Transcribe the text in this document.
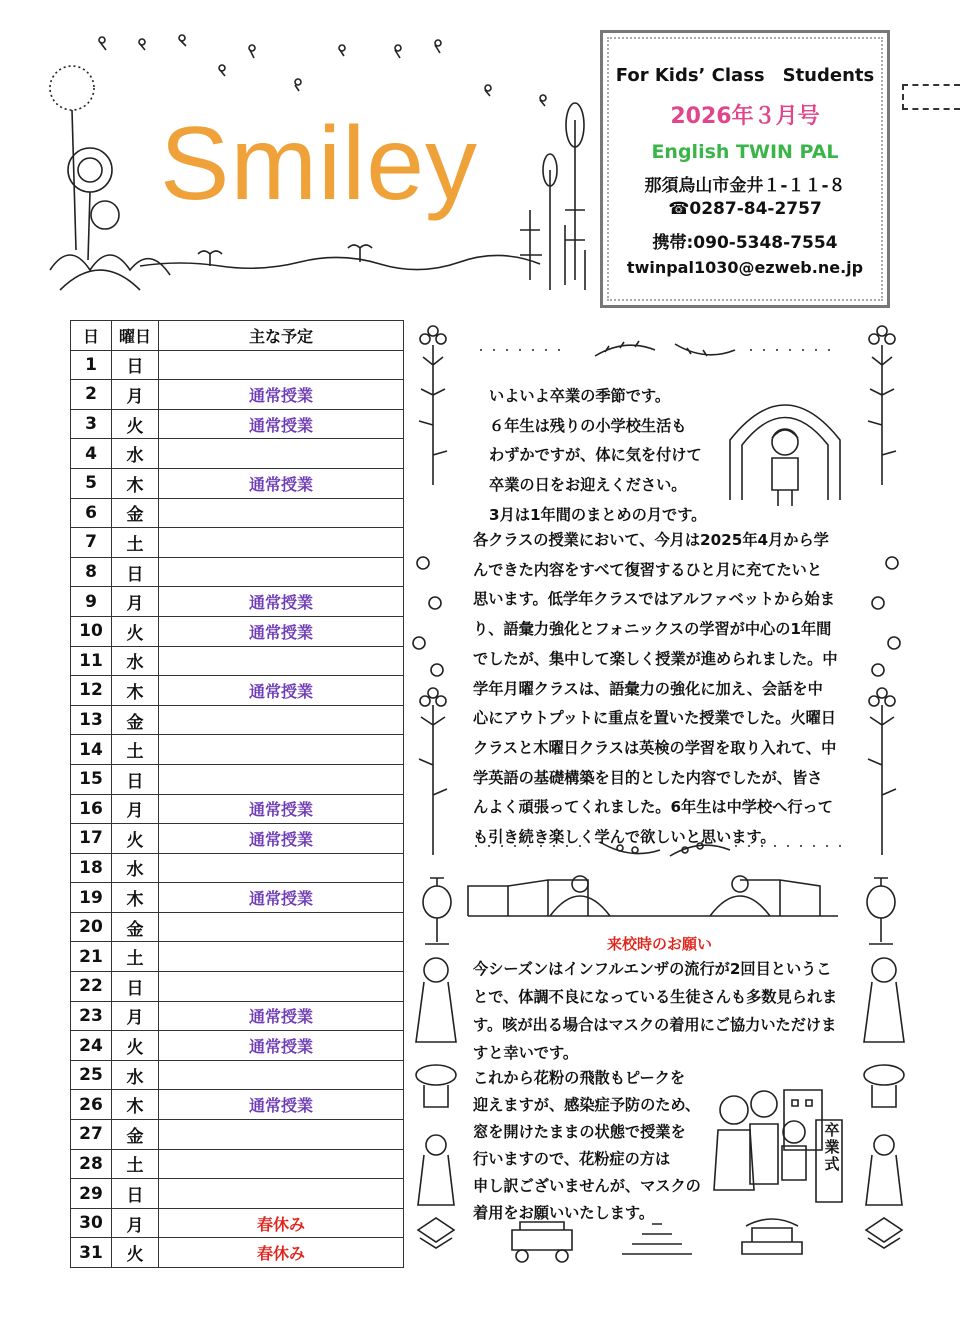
Smiley
For Kids’ Class　Students
2026年３月号
English TWIN PAL
那須烏山市金井１-１１-８
☎0287-84-2757
携帯:090-5348-7554
twinpal1030@ezweb.ne.jp
日	曜日	主な予定
1	日	
2	月	通常授業
3	火	通常授業
4	水	
5	木	通常授業
6	金	
7	土	
8	日	
9	月	通常授業
10	火	通常授業
11	水	
12	木	通常授業
13	金	
14	土	
15	日	
16	月	通常授業
17	火	通常授業
18	水	
19	木	通常授業
20	金	
21	土	
22	日	
23	月	通常授業
24	火	通常授業
25	水	
26	木	通常授業
27	金	
28	土	
29	日	
30	月	春休み
31	火	春休み
いよいよ卒業の季節です。
６年生は残りの小学校生活も
わずかですが、体に気を付けて
卒業の日をお迎えください。
3月は1年間のまとめの月です。
各クラスの授業において、今月は2025年4月から学
んできた内容をすべて復習するひと月に充てたいと
思います。低学年クラスではアルファベットから始ま
り、語彙力強化とフォニックスの学習が中心の1年間
でしたが、集中して楽しく授業が進められました。中
学年月曜クラスは、語彙力の強化に加え、会話を中
心にアウトプットに重点を置いた授業でした。火曜日
クラスと木曜日クラスは英検の学習を取り入れて、中
学英語の基礎構築を目的とした内容でしたが、皆さ
んよく頑張ってくれました。6年生は中学校へ行って
も引き続き楽しく学んで欲しいと思います。
来校時のお願い
今シーズンはインフルエンザの流行が2回目というこ
とで、体調不良になっている生徒さんも多数見られま
す。咳が出る場合はマスクの着用にご協力いただけま
すと幸いです。
これから花粉の飛散もピークを
迎えますが、感染症予防のため、
窓を開けたままの状態で授業を
行いますので、花粉症の方は
申し訳ございませんが、マスクの
着用をお願いいたします。
卒業式
